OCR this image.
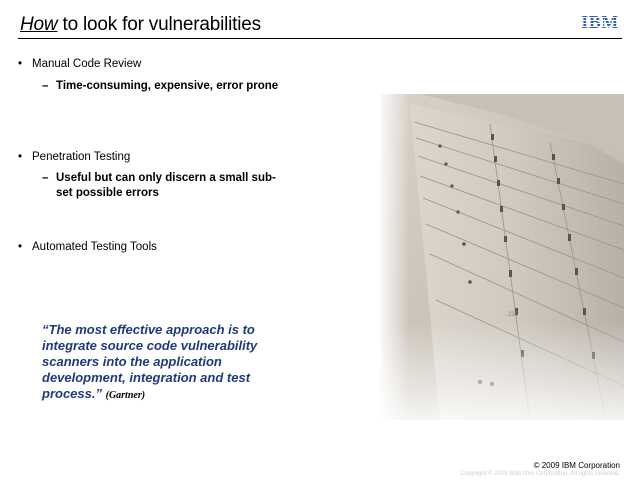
How to look for vulnerabilities	IBM
Manual Code Review
– Time-consuming, expensive, error prone
Penetration Testing
– Useful but can only discern a small sub-set possible errors
Automated Testing Tools
“The most effective approach is to integrate source code vulnerability scanners into the application development, integration and test process.” (Gartner)
© 2009 IBM Corporation
Copyright © 2009 Watchfire Corporation. All rights reserved.
